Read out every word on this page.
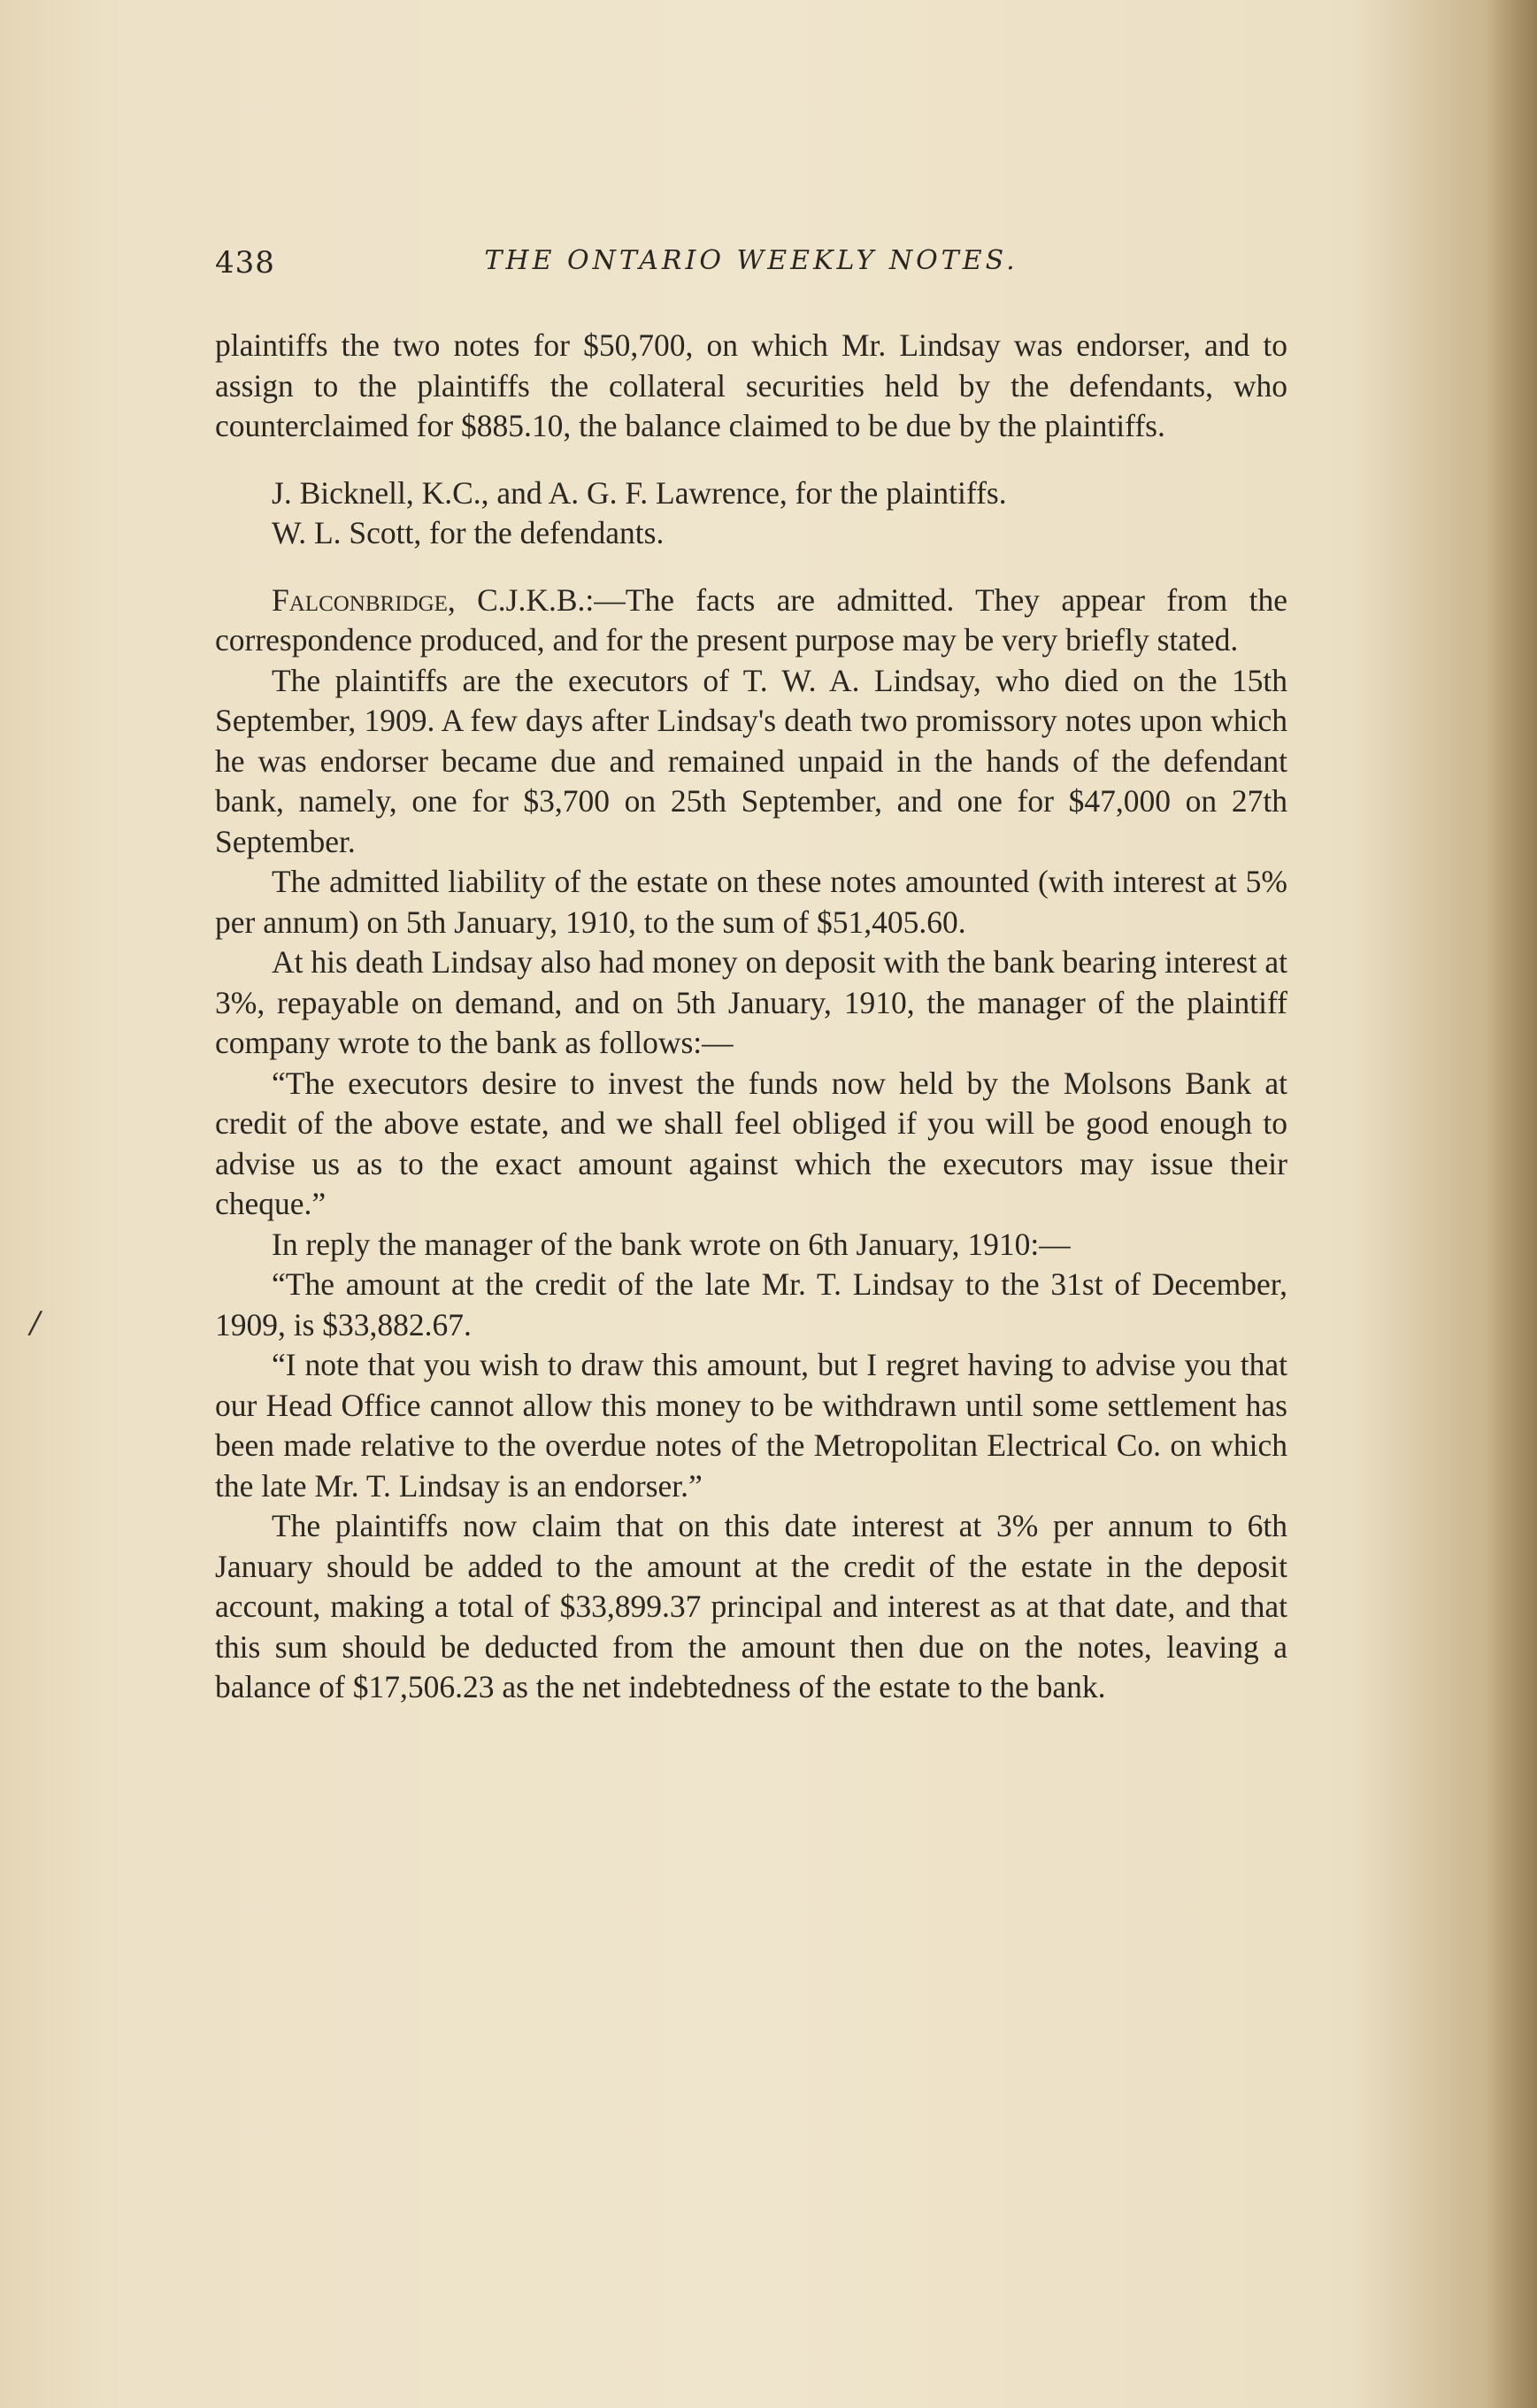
438	THE ONTARIO WEEKLY NOTES.
/

plaintiffs the two notes for $50,700, on which Mr. Lindsay was endorser, and to assign to the plaintiffs the collateral securities held by the defendants, who counterclaimed for $885.10, the balance claimed to be due by the plaintiffs.

J. Bicknell, K.C., and A. G. F. Lawrence, for the plaintiffs.

W. L. Scott, for the defendants.

Falconbridge, C.J.K.B.:—The facts are admitted. They appear from the correspondence produced, and for the present purpose may be very briefly stated.

The plaintiffs are the executors of T. W. A. Lindsay, who died on the 15th September, 1909. A few days after Lindsay's death two promissory notes upon which he was endorser became due and remained unpaid in the hands of the defendant bank, namely, one for $3,700 on 25th September, and one for $47,000 on 27th September.

The admitted liability of the estate on these notes amounted (with interest at 5% per annum) on 5th January, 1910, to the sum of $51,405.60.

At his death Lindsay also had money on deposit with the bank bearing interest at 3%, repayable on demand, and on 5th January, 1910, the manager of the plaintiff company wrote to the bank as follows:—

“The executors desire to invest the funds now held by the Molsons Bank at credit of the above estate, and we shall feel obliged if you will be good enough to advise us as to the exact amount against which the executors may issue their cheque.”

In reply the manager of the bank wrote on 6th January, 1910:—

“The amount at the credit of the late Mr. T. Lindsay to the 31st of December, 1909, is $33,882.67.

“I note that you wish to draw this amount, but I regret having to advise you that our Head Office cannot allow this money to be withdrawn until some settlement has been made relative to the overdue notes of the Metropolitan Electrical Co. on which the late Mr. T. Lindsay is an endorser.”

The plaintiffs now claim that on this date interest at 3% per annum to 6th January should be added to the amount at the credit of the estate in the deposit account, making a total of $33,899.37 principal and interest as at that date, and that this sum should be deducted from the amount then due on the notes, leaving a balance of $17,506.23 as the net indebtedness of the estate to the bank.
